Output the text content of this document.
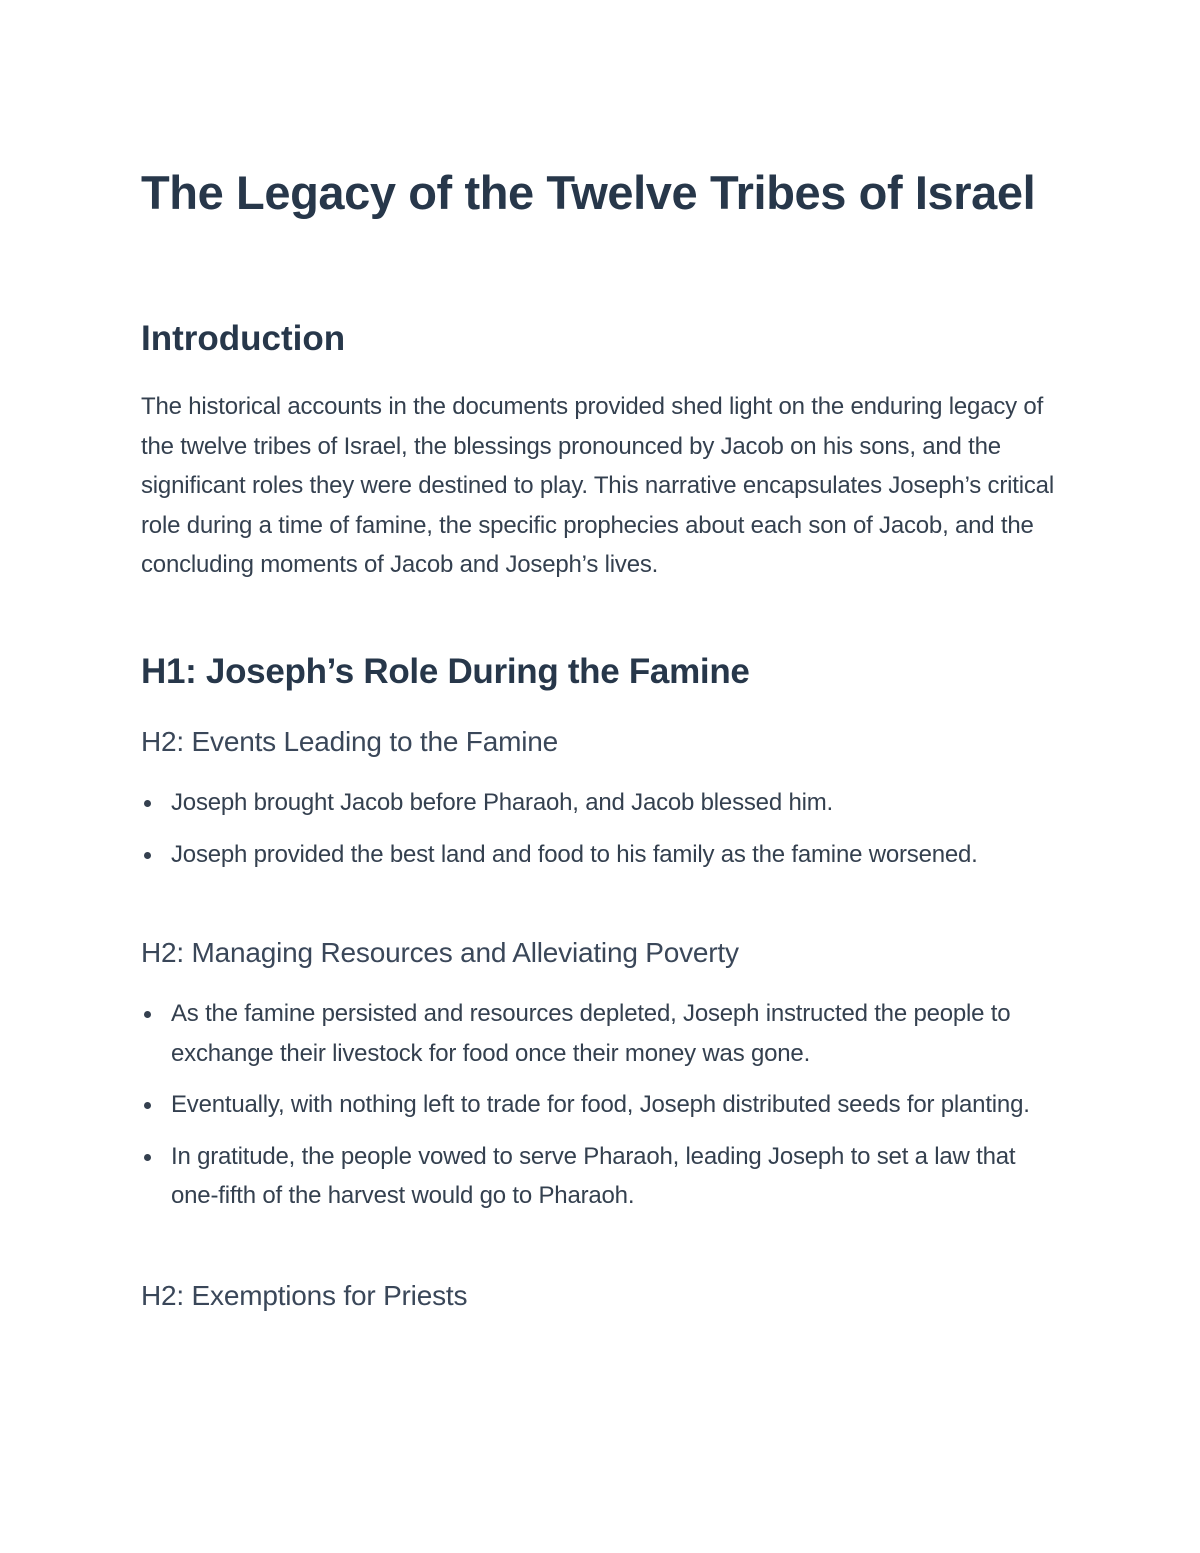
The Legacy of the Twelve Tribes of Israel
Introduction

The historical accounts in the documents provided shed light on the enduring legacy of the twelve tribes of Israel, the blessings pronounced by Jacob on his sons, and the significant roles they were destined to play. This narrative encapsulates Joseph’s critical role during a time of famine, the specific prophecies about each son of Jacob, and the concluding moments of Jacob and Joseph’s lives.

H1: Joseph’s Role During the Famine
H2: Events Leading to the Famine
Joseph brought Jacob before Pharaoh, and Jacob blessed him.
Joseph provided the best land and food to his family as the famine worsened.
H2: Managing Resources and Alleviating Poverty
As the famine persisted and resources depleted, Joseph instructed the people to exchange their livestock for food once their money was gone.
Eventually, with nothing left to trade for food, Joseph distributed seeds for planting.
In gratitude, the people vowed to serve Pharaoh, leading Joseph to set a law that one-fifth of the harvest would go to Pharaoh.
H2: Exemptions for Priests
